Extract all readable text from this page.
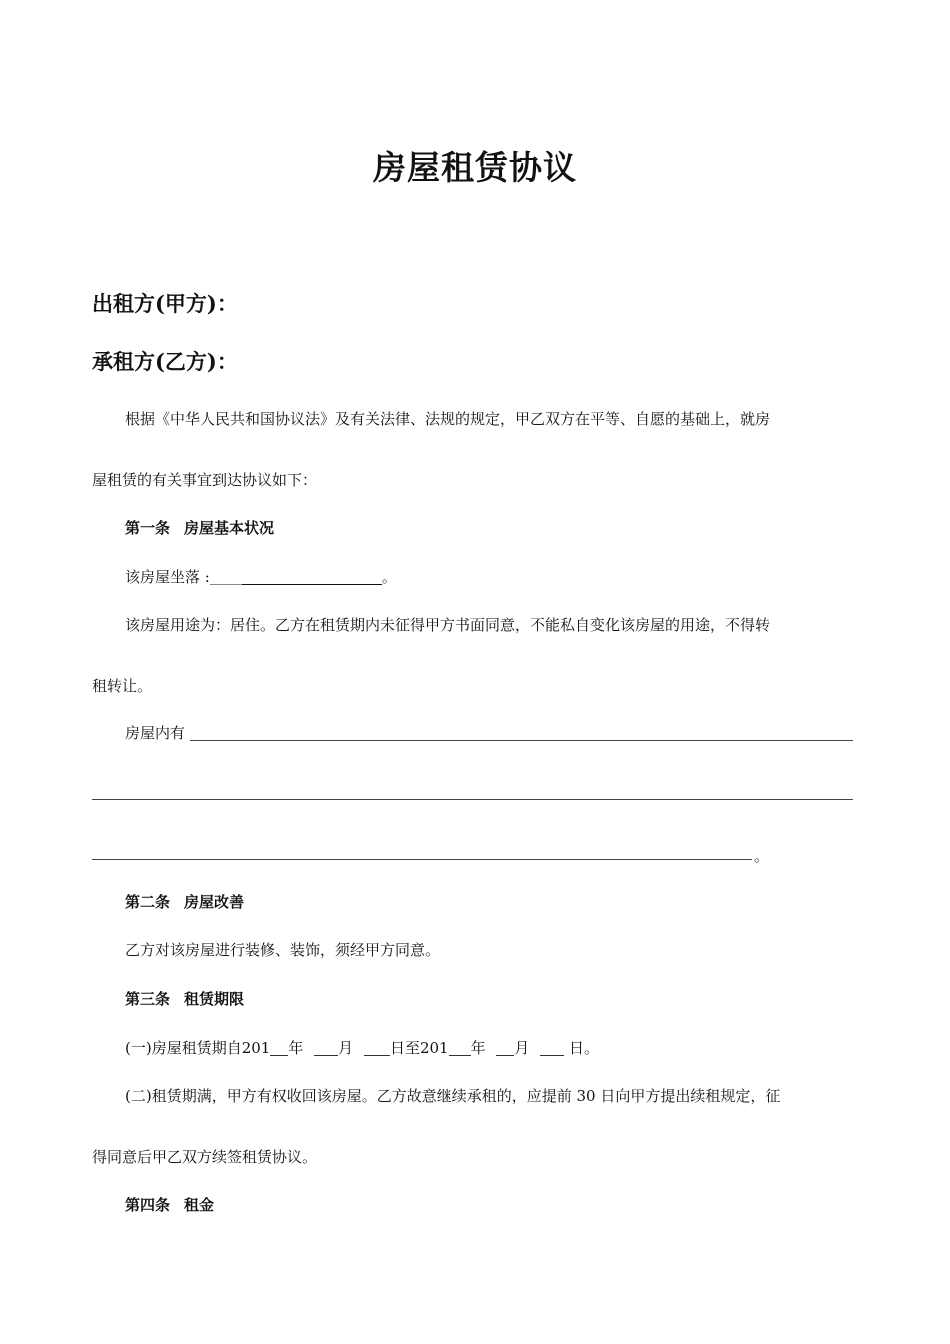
房屋租赁协议
出租方(甲方)：
承租方(乙方)：
根据《中华人民共和国协议法》及有关法律、法规的规定，甲乙双方在平等、自愿的基础上，就房
屋租赁的有关事宜到达协议如下：
第一条 房屋基本状况
该房屋坐落 :	。
该房屋用途为：居住。乙方在租赁期内未征得甲方书面同意，不能私自变化该房屋的用途，不得转
租转让。
房屋内有
。
第二条 房屋改善
乙方对该房屋进行装修、装饰，须经甲方同意。
第三条 租赁期限
(一)房屋租赁期自201 年 月 日至201 年 月	日。
(二)租赁期满，甲方有权收回该房屋。乙方故意继续承租的，应提前 30 日向甲方提出续租规定，征
得同意后甲乙双方续签租赁协议。
第四条 租金
